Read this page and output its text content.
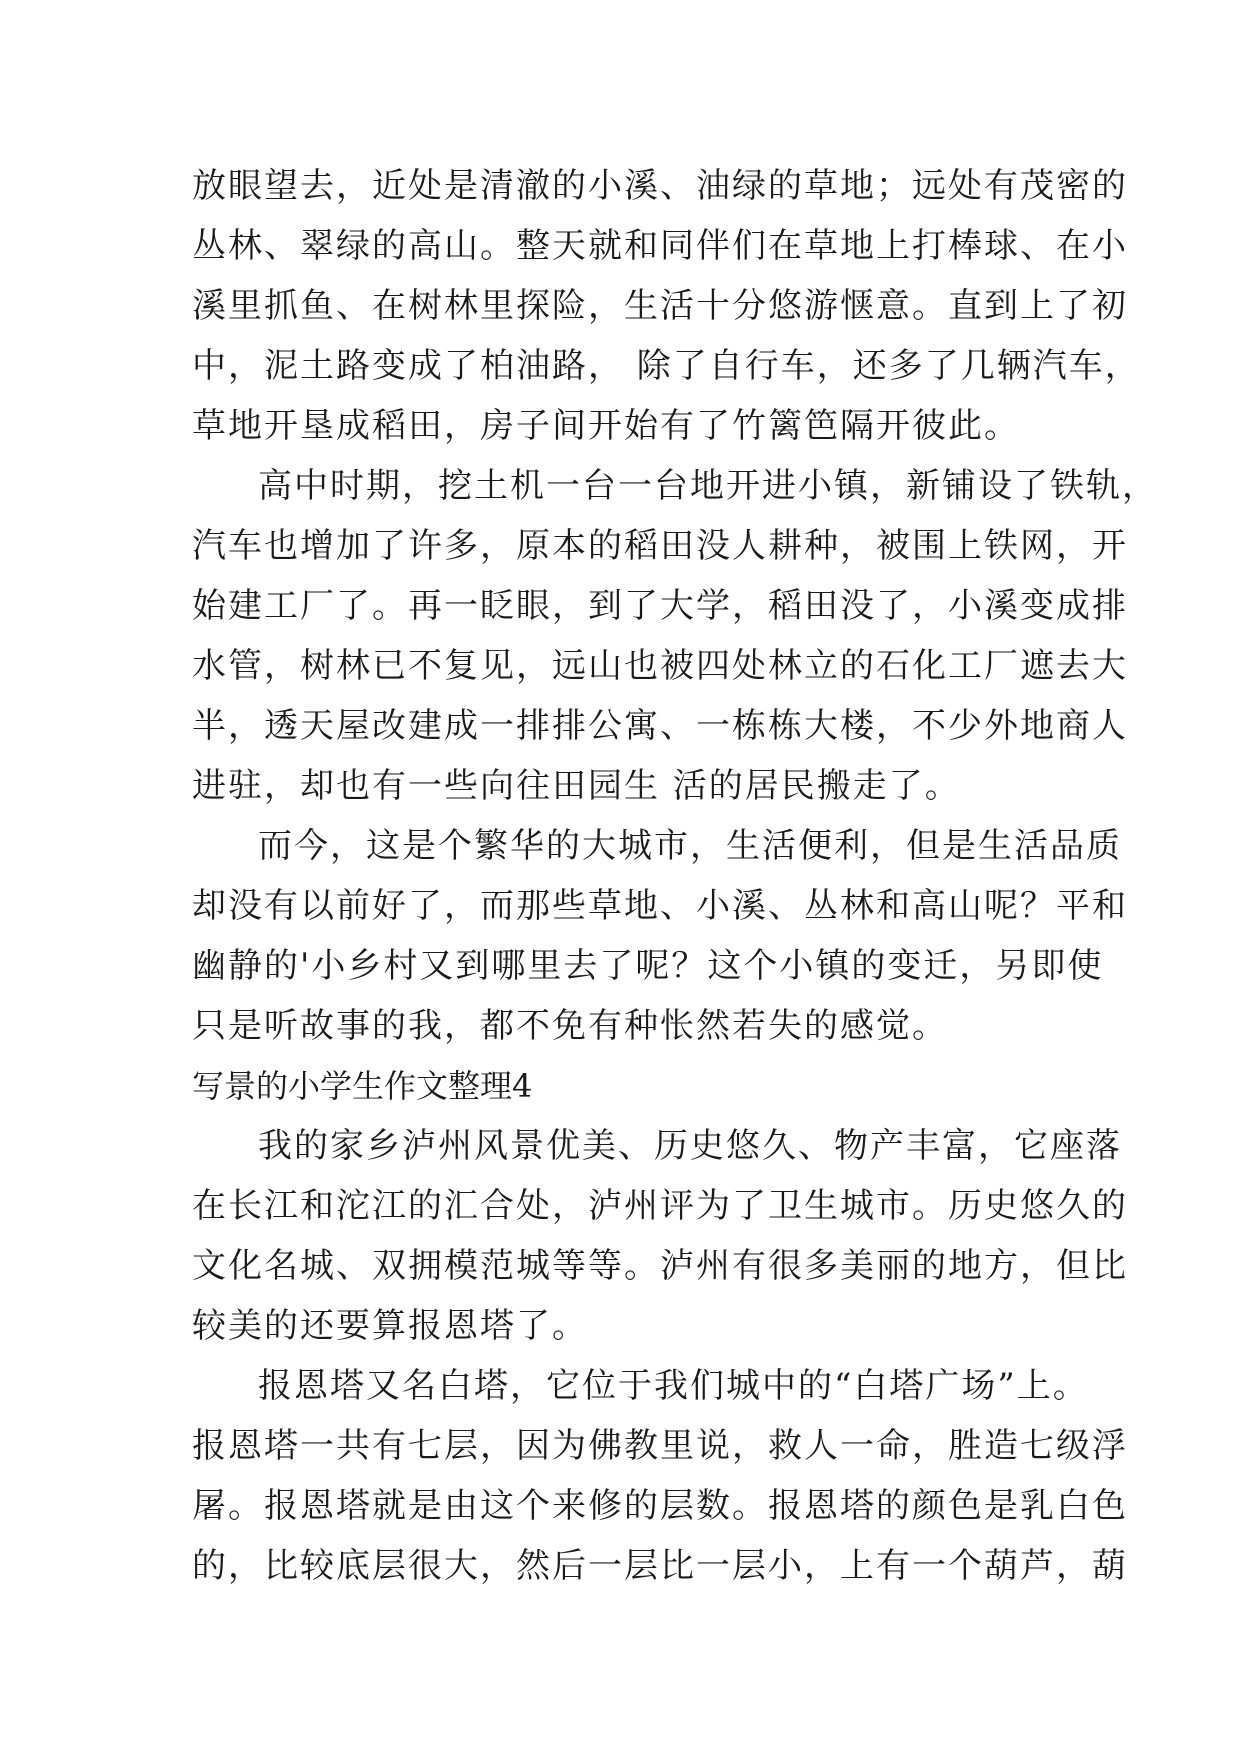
放眼望去，近处是清澈的小溪、油绿的草地；远处有茂密的

丛林、翠绿的高山。整天就和同伴们在草地上打棒球、在小

溪里抓鱼、在树林里探险，生活十分悠游惬意。直到上了初

中，泥土路变成了柏油路， 除了自行车，还多了几辆汽车，

草地开垦成稻田，房子间开始有了竹篱笆隔开彼此。

高中时期，挖土机一台一台地开进小镇，新铺设了铁轨，

汽车也增加了许多，原本的稻田没人耕种，被围上铁网，开

始建工厂了。再一眨眼，到了大学，稻田没了，小溪变成排

水管，树林已不复见，远山也被四处林立的石化工厂遮去大

半，透天屋改建成一排排公寓、一栋栋大楼，不少外地商人

进驻，却也有一些向往田园生 活的居民搬走了。

而今，这是个繁华的大城市，生活便利，但是生活品质

却没有以前好了，而那些草地、小溪、丛林和高山呢？平和

幽静的'小乡村又到哪里去了呢？这个小镇的变迁，另即使

只是听故事的我，都不免有种怅然若失的感觉。

写景的小学生作文整理4

我的家乡泸州风景优美、历史悠久、物产丰富，它座落

在长江和沱江的汇合处，泸州评为了卫生城市。历史悠久的

文化名城、双拥模范城等等。泸州有很多美丽的地方，但比

较美的还要算报恩塔了。

报恩塔又名白塔，它位于我们城中的“白塔广场”上。

报恩塔一共有七层，因为佛教里说，救人一命，胜造七级浮

屠。报恩塔就是由这个来修的层数。报恩塔的颜色是乳白色

的，比较底层很大，然后一层比一层小，上有一个葫芦，葫
